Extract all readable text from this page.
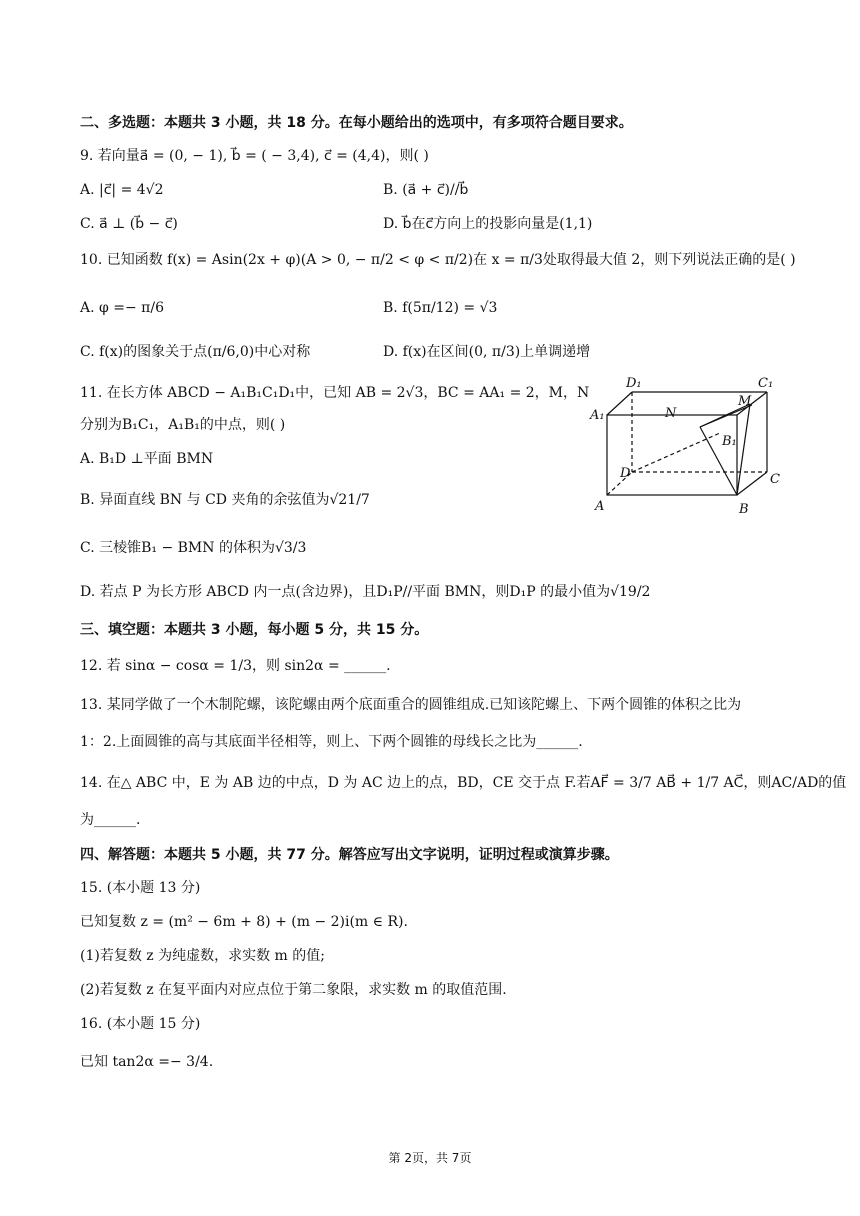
二、多选题：本题共 3 小题，共 18 分。在每小题给出的选项中，有多项符合题目要求。
9. 若向量a⃗ = (0, − 1), b⃗ = ( − 3,4), c⃗ = (4,4)，则( )
A. |c⃗| = 4√2	B. (a⃗ + c⃗)//b⃗
C. a⃗ ⊥ (b⃗ − c⃗)	D. b⃗在c⃗方向上的投影向量是(1,1)
10. 已知函数 f(x) = Asin(2x + φ)(A > 0, − π/2 < φ < π/2)在 x = π/3处取得最大值 2，则下列说法正确的是( )
A. φ =− π/6	B. f(5π/12) = √3
C. f(x)的图象关于点(π/6,0)中心对称	D. f(x)在区间(0, π/3)上单调递增
11. 在长方体 ABCD − A₁B₁C₁D₁中，已知 AB = 2√3，BC = AA₁ = 2，M，N
分别为B₁C₁，A₁B₁的中点，则( )
A. B₁D ⊥平面 BMN
B. 异面直线 BN 与 CD 夹角的余弦值为√21/7
C. 三棱锥B₁ − BMN 的体积为√3/3
D. 若点 P 为长方形 ABCD 内一点(含边界)，且D₁P//平面 BMN，则D₁P 的最小值为√19/2
D₁	C₁
A₁	N
M
B₁
D	C
A	B
三、填空题：本题共 3 小题，每小题 5 分，共 15 分。
12. 若 sinα − cosα = 1/3，则 sin2α = ______.
13. 某同学做了一个木制陀螺，该陀螺由两个底面重合的圆锥组成.已知该陀螺上、下两个圆锥的体积之比为
1：2.上面圆锥的高与其底面半径相等，则上、下两个圆锥的母线长之比为______.
14. 在△ ABC 中，E 为 AB 边的中点，D 为 AC 边上的点，BD，CE 交于点 F.若AF⃗ = 3/7 AB⃗ + 1/7 AC⃗，则AC/AD的值
为______.
四、解答题：本题共 5 小题，共 77 分。解答应写出文字说明，证明过程或演算步骤。
15. (本小题 13 分)
已知复数 z = (m² − 6m + 8) + (m − 2)i(m ∈ R).
(1)若复数 z 为纯虚数，求实数 m 的值;
(2)若复数 z 在复平面内对应点位于第二象限，求实数 m 的取值范围.
16. (本小题 15 分)
已知 tan2α =− 3/4.
第 2页，共 7页
